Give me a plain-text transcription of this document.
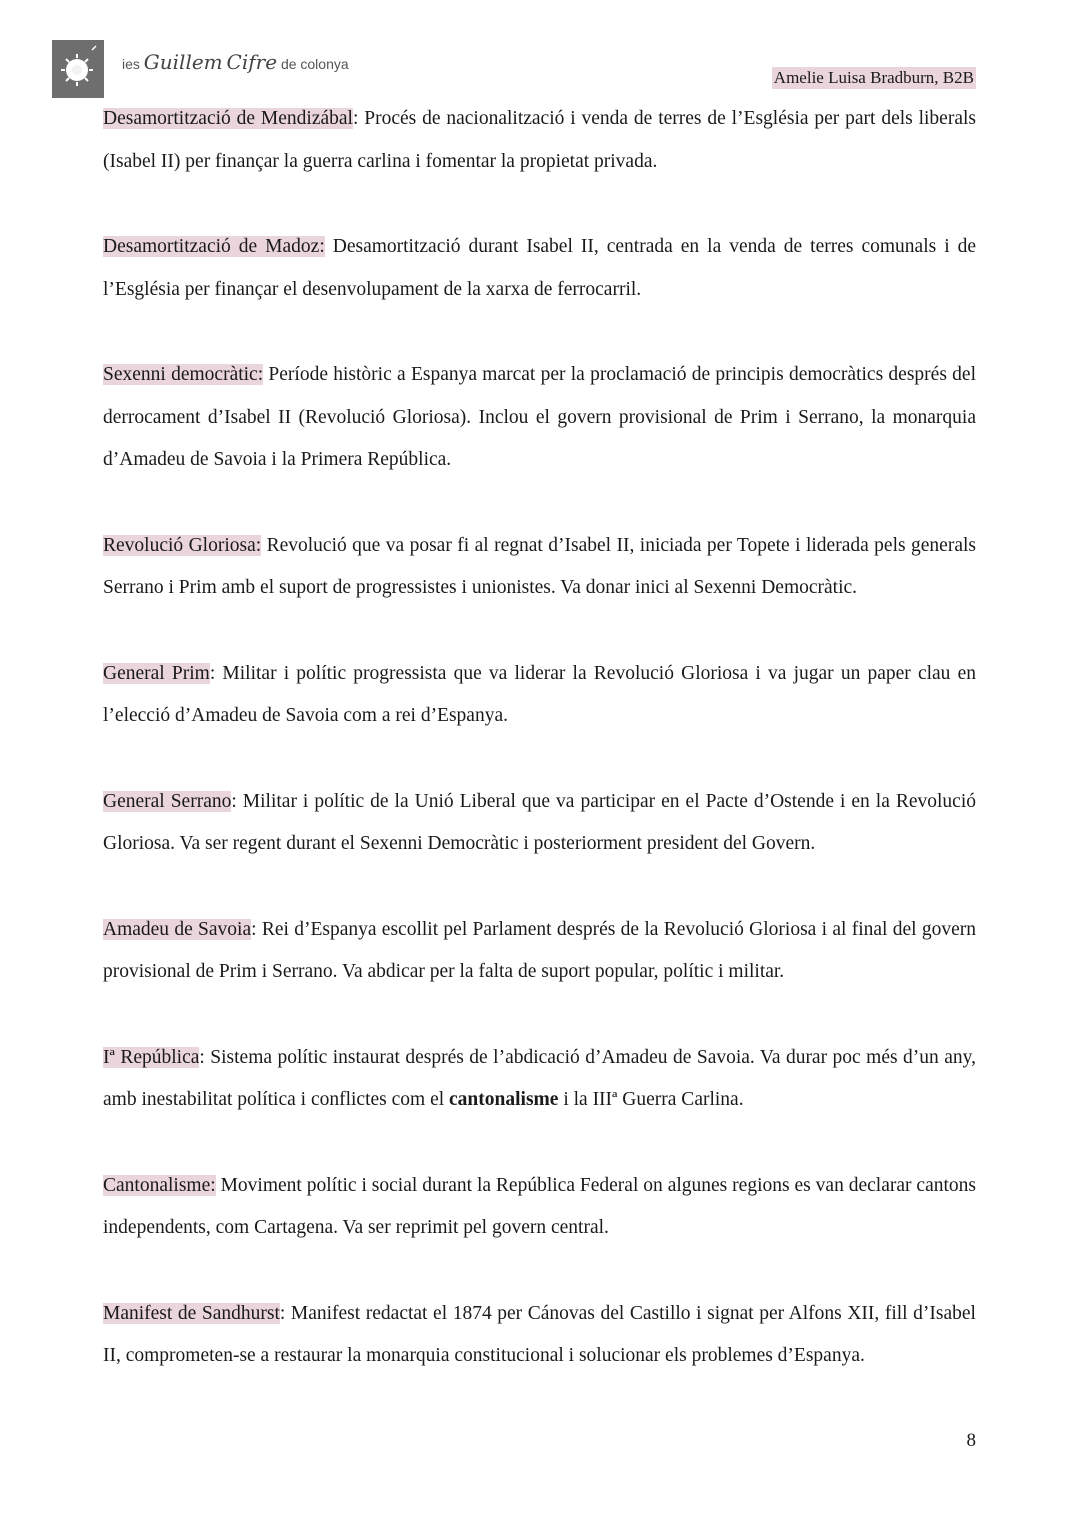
ies Guillem Cifre de colonya
Amelie Luisa Bradburn, B2B

Desamortització de Mendizábal: Procés de nacionalització i venda de terres de l’Església per part dels liberals (Isabel II) per finançar la guerra carlina i fomentar la propietat privada.

Desamortització de Madoz: Desamortització durant Isabel II, centrada en la venda de terres comunals i de l’Església per finançar el desenvolupament de la xarxa de ferrocarril.

Sexenni democràtic: Període històric a Espanya marcat per la proclamació de principis democràtics després del derrocament d’Isabel II (Revolució Gloriosa). Inclou el govern provisional de Prim i Serrano, la monarquia d’Amadeu de Savoia i la Primera República.

Revolució Gloriosa: Revolució que va posar fi al regnat d’Isabel II, iniciada per Topete i liderada pels generals Serrano i Prim amb el suport de progressistes i unionistes. Va donar inici al Sexenni Democràtic.

General Prim: Militar i polític progressista que va liderar la Revolució Gloriosa i va jugar un paper clau en l’elecció d’Amadeu de Savoia com a rei d’Espanya.

General Serrano: Militar i polític de la Unió Liberal que va participar en el Pacte d’Ostende i en la Revolució Gloriosa. Va ser regent durant el Sexenni Democràtic i posteriorment president del Govern.

Amadeu de Savoia: Rei d’Espanya escollit pel Parlament després de la Revolució Gloriosa i al final del govern provisional de Prim i Serrano. Va abdicar per la falta de suport popular, polític i militar.

Iª República: Sistema polític instaurat després de l’abdicació d’Amadeu de Savoia. Va durar poc més d’un any, amb inestabilitat política i conflictes com el cantonalisme i la IIIª Guerra Carlina.

Cantonalisme: Moviment polític i social durant la República Federal on algunes regions es van declarar cantons independents, com Cartagena. Va ser reprimit pel govern central.

Manifest de Sandhurst: Manifest redactat el 1874 per Cánovas del Castillo i signat per Alfons XII, fill d’Isabel II, comprometen-se a restaurar la monarquia constitucional i solucionar els problemes d’Espanya.

8
